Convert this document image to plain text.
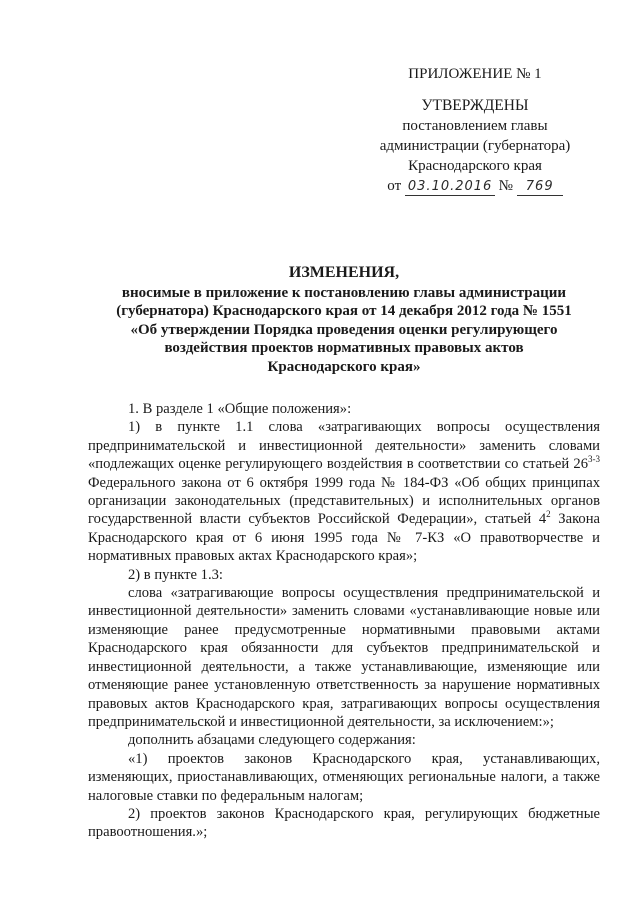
ПРИЛОЖЕНИЕ № 1
УТВЕРЖДЕНЫ
постановлением главы
администрации (губернатора)
Краснодарского края
от 03.10.2016 № 769
ИЗМЕНЕНИЯ,
вносимые в приложение к постановлению главы администрации
(губернатора) Краснодарского края от 14 декабря 2012 года № 1551
«Об утверждении Порядка проведения оценки регулирующего
воздействия проектов нормативных правовых актов
Краснодарского края»

1. В разделе 1 «Общие положения»:

1) в пункте 1.1 слова «затрагивающих вопросы осуществления предпринимательской и инвестиционной деятельности» заменить словами «подлежащих оценке регулирующего воздействия в соответствии со статьей 26$^{3-3}$ Федерального закона от 6 октября 1999 года № 184-ФЗ «Об общих принципах организации законодательных (представительных) и исполнительных органов государственной власти субъектов Российской Федерации», статьей $4^2$ Закона Краснодарского края от 6 июня 1995 года № 7-КЗ «О правотворчестве и нормативных правовых актах Краснодарского края»;

2) в пункте 1.3:

слова «затрагивающие вопросы осуществления предпринимательской и инвестиционной деятельности» заменить словами «устанавливающие новые или изменяющие ранее предусмотренные нормативными правовыми актами Краснодарского края обязанности для субъектов предпринимательской и инвестиционной деятельности, а также устанавливающие, изменяющие или отменяющие ранее установленную ответственность за нарушение нормативных правовых актов Краснодарского края, затрагивающих вопросы осуществления предпринимательской и инвестиционной деятельности, за исключением:»;

дополнить абзацами следующего содержания:

«1) проектов законов Краснодарского края, устанавливающих, изменяющих, приостанавливающих, отменяющих региональные налоги, а также налоговые ставки по федеральным налогам;

2) проектов законов Краснодарского края, регулирующих бюджетные правоотношения.»;
